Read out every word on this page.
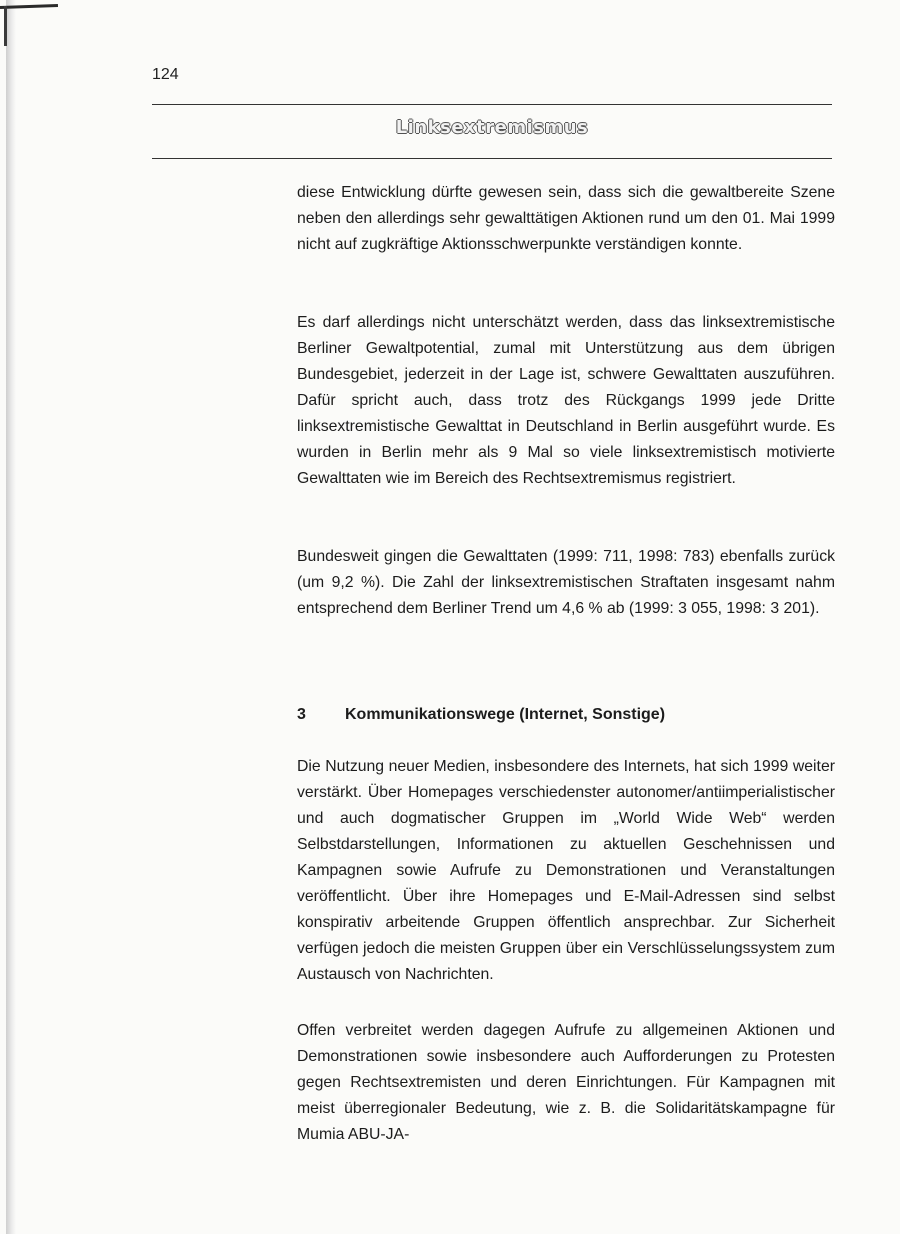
124
Linksextremismus

diese Entwicklung dürfte gewesen sein, dass sich die gewaltbereite Szene neben den allerdings sehr gewalttätigen Aktionen rund um den 01. Mai 1999 nicht auf zugkräftige Aktionsschwerpunkte verständigen konnte.

Es darf allerdings nicht unterschätzt werden, dass das linksextremistische Berliner Gewaltpotential, zumal mit Unterstützung aus dem übrigen Bundesgebiet, jederzeit in der Lage ist, schwere Gewalttaten auszuführen. Dafür spricht auch, dass trotz des Rückgangs 1999 jede Dritte linksextremistische Gewalttat in Deutschland in Berlin ausgeführt wurde. Es wurden in Berlin mehr als 9 Mal so viele linksextremistisch motivierte Gewalttaten wie im Bereich des Rechtsextremismus registriert.

Bundesweit gingen die Gewalttaten (1999: 711, 1998: 783) ebenfalls zurück (um 9,2 %). Die Zahl der linksextremistischen Straftaten insgesamt nahm entsprechend dem Berliner Trend um 4,6 % ab (1999: 3 055, 1998: 3 201).

3 Kommunikationswege (Internet, Sonstige)

Die Nutzung neuer Medien, insbesondere des Internets, hat sich 1999 weiter verstärkt. Über Homepages verschiedenster autonomer/antiimperialistischer und auch dogmatischer Gruppen im „World Wide Web“ werden Selbstdarstellungen, Informationen zu aktuellen Geschehnissen und Kampagnen sowie Aufrufe zu Demonstrationen und Veranstaltungen veröffentlicht. Über ihre Homepages und E-Mail-Adressen sind selbst konspirativ arbeitende Gruppen öffentlich ansprechbar. Zur Sicherheit verfügen jedoch die meisten Gruppen über ein Verschlüsselungssystem zum Austausch von Nachrichten.

Offen verbreitet werden dagegen Aufrufe zu allgemeinen Aktionen und Demonstrationen sowie insbesondere auch Aufforderungen zu Protesten gegen Rechtsextremisten und deren Einrichtungen. Für Kampagnen mit meist überregionaler Bedeutung, wie z. B. die Solidaritätskampagne für Mumia ABU-JA-
